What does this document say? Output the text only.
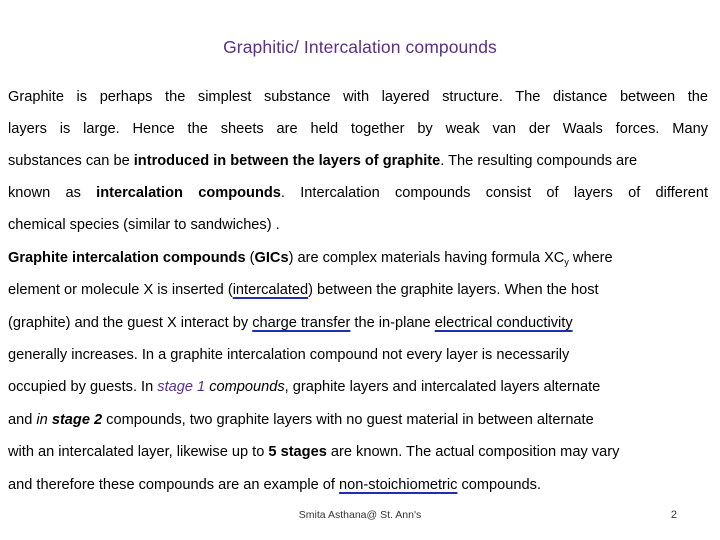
Graphitic/ Intercalation compounds
Graphite is perhaps the simplest substance with layered structure. The distance between the
layers is large. Hence the sheets are held together by weak van der Waals forces. Many
substances can be introduced in between the layers of graphite. The resulting compounds are
known as intercalation compounds. Intercalation compounds consist of layers of different
chemical species (similar to sandwiches) .
Graphite intercalation compounds (GICs) are complex materials having formula $XC_y$ where
element or molecule X is inserted (intercalated) between the graphite layers. When the host
(graphite) and the guest X interact by charge transfer the in-plane electrical conductivity
generally increases. In a graphite intercalation compound not every layer is necessarily
occupied by guests. In stage 1 compounds, graphite layers and intercalated layers alternate
and in stage 2 compounds, two graphite layers with no guest material in between alternate
with an intercalated layer, likewise up to 5 stages are known. The actual composition may vary
and therefore these compounds are an example of non-stoichiometric compounds.
Smita Asthana@ St. Ann's	2
